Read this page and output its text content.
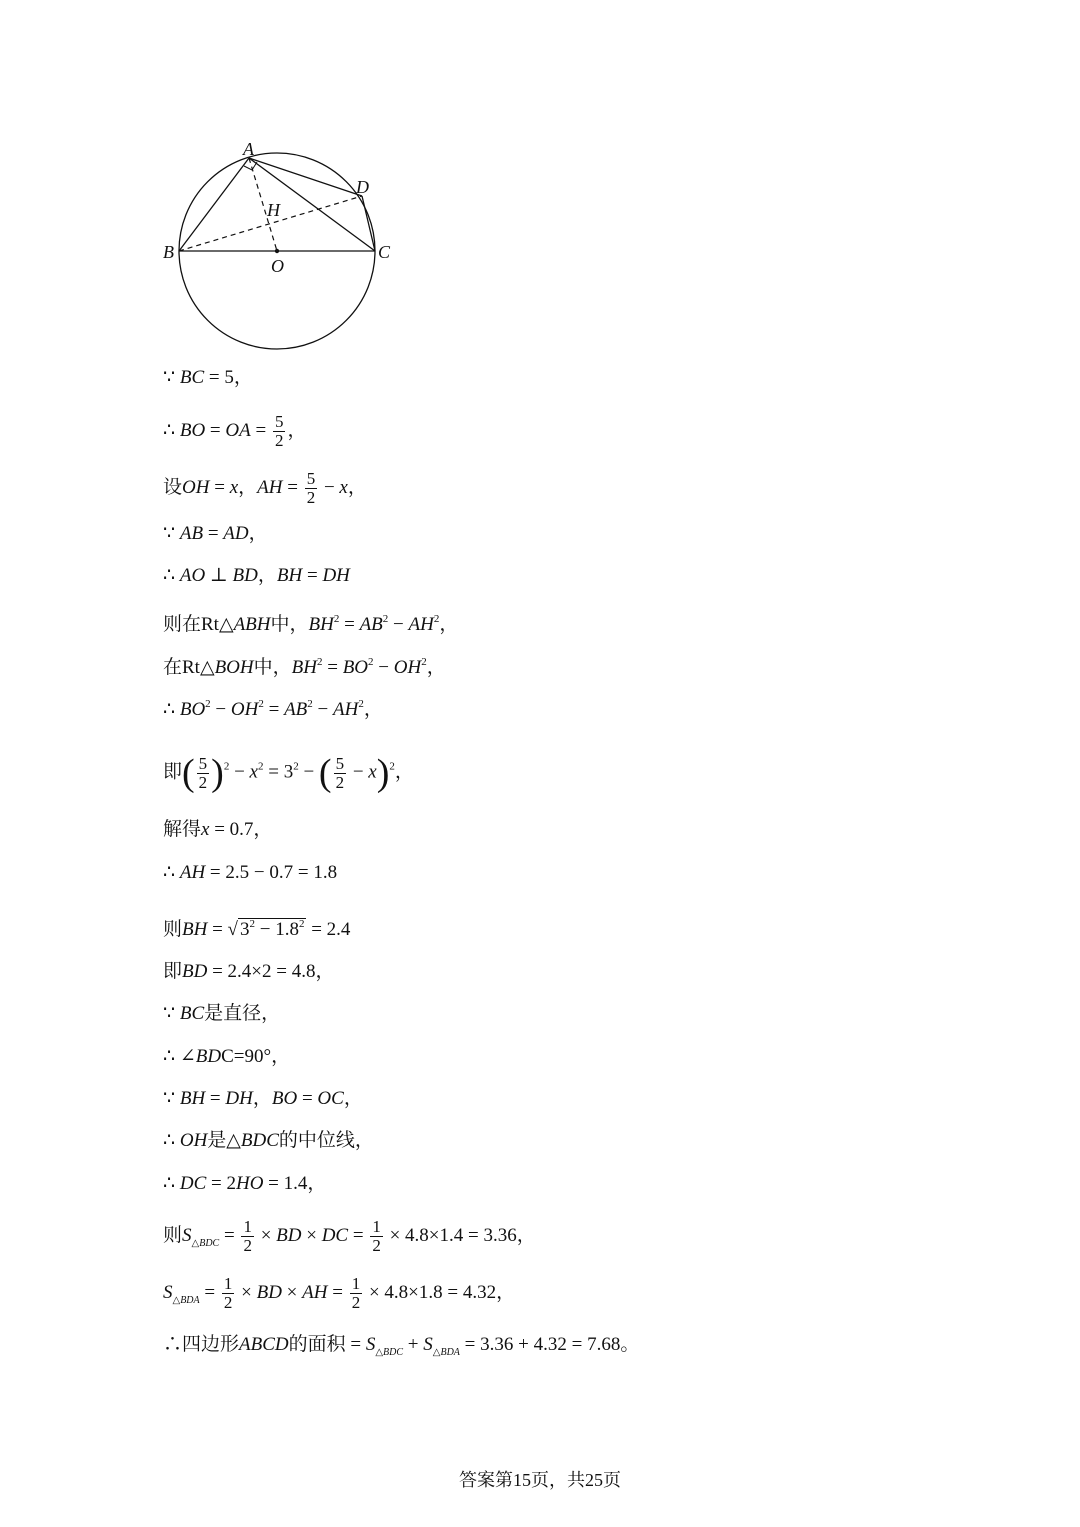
A
B	C
D
H
O
∵ BC = 5，
∴ BO = OA = $\frac{5}{2}$ ，
设OH = x，AH = $\frac{5}{2} - x$，
∵ AB = AD，
∴ AO ⊥ BD，BH = DH
则在Rt△ABH中，$BH^2 = AB^2 - AH^2$，
在Rt△BOH中，$BH^2 = BO^2 - OH^2$，
∴ $BO^2 - OH^2 = AB^2 - AH^2$，
即( $\frac{5}{2} )^2 - x^2 = 3^2$ − ( $\frac{5}{2} - x)^2$，
解得x = 0.7，
∴ AH = 2.5 − 0.7 = 1.8
则BH = √ $3^2 - 1.8^2 = 2.4$
即BD = 2.4×2 = 4.8，
∵ BC是直径，
∴ ∠BDC=90°，
∵ BH = DH，BO = OC，
∴ OH是△BDC的中位线，
∴ DC = 2HO = 1.4，
则$S_{\triangle BDC} = \frac{1}{2}$ × BD × DC = $\frac{1}{2} \times 4.8\times 1.4 = 3.36$，
$S_{\triangle BDA} = \frac{1}{2}$ × BD × AH = $\frac{1}{2} \times 4.8\times 1.8 = 4.32$，
∴四边形ABCD的面积 = $S_{\triangle BDC} + S_{\triangle BDA} = 3.36 + 4.32 = 7.68$。
答案第15页，共25页
